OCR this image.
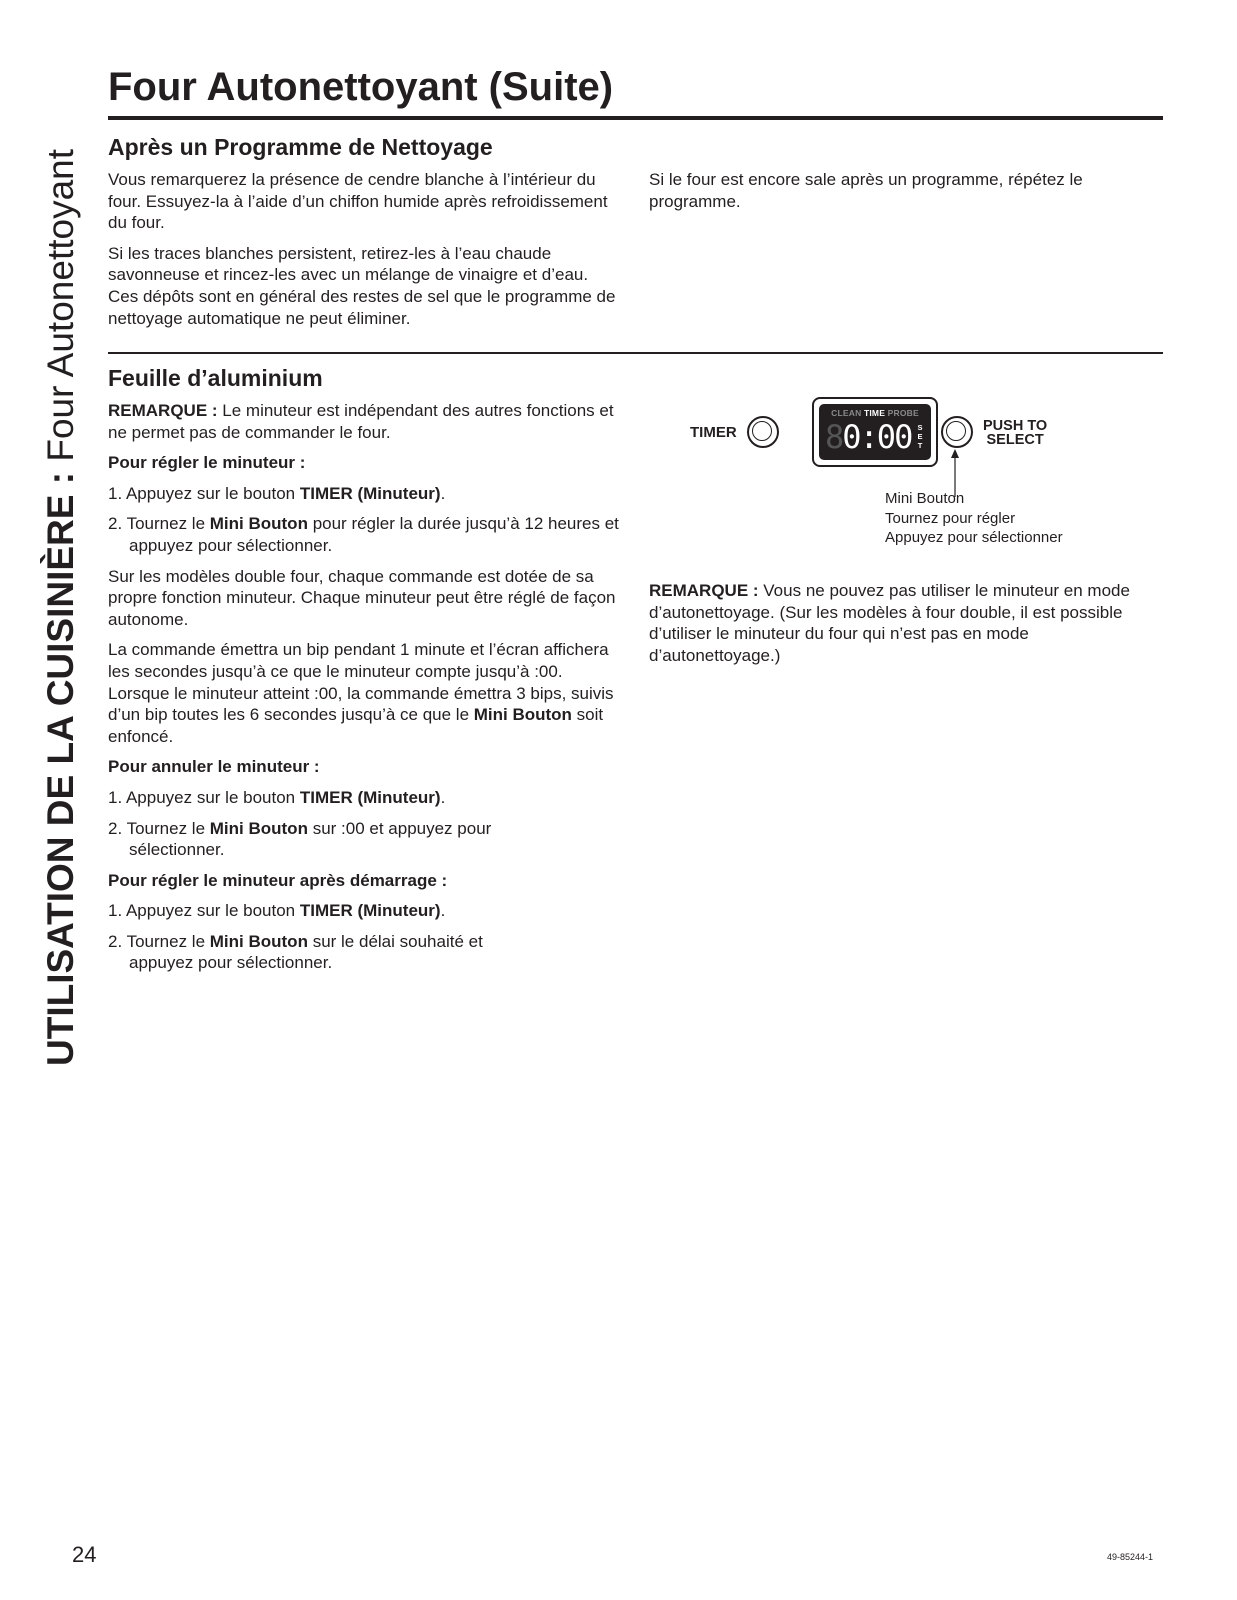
UTILISATION DE LA CUISINIÈRE : Four Autonettoyant
Four Autonettoyant (Suite)
Après un Programme de Nettoyage

Vous remarquerez la présence de cendre blanche à l’intérieur du four. Essuyez-la à l’aide d’un chiffon humide après refroidissement du four.

Si les traces blanches persistent, retirez-les à l’eau chaude savonneuse et rincez-les avec un mélange de vinaigre et d’eau. Ces dépôts sont en général des restes de sel que le programme de nettoyage automatique ne peut éliminer.

Si le four est encore sale après un programme, répétez le programme.

Feuille d’aluminium

REMARQUE : Le minuteur est indépendant des autres fonctions et ne permet pas de commander le four.

Pour régler le minuteur :

1. Appuyez sur le bouton TIMER (Minuteur).

2. Tournez le Mini Bouton pour régler la durée jusqu’à 12 heures et appuyez pour sélectionner.

Sur les modèles double four, chaque commande est dotée de sa propre fonction minuteur. Chaque minuteur peut être réglé de façon autonome.

La commande émettra un bip pendant 1 minute et l’écran affichera les secondes jusqu’à ce que le minuteur compte jusqu’à :00. Lorsque le minuteur atteint :00, la commande émettra 3 bips, suivis d’un bip toutes les 6 secondes jusqu’à ce que le Mini Bouton soit enfoncé.

Pour annuler le minuteur :

1. Appuyez sur le bouton TIMER (Minuteur).

2. Tournez le Mini Bouton sur :00 et appuyez pour sélectionner.

Pour régler le minuteur après démarrage :

1. Appuyez sur le bouton TIMER (Minuteur).

2. Tournez le Mini Bouton sur le délai souhaité et appuyez pour sélectionner.

TIMER
CLEAN TIME PROBE
80:00 S
E
T
PUSH TO
SELECT
Mini Bouton
Tournez pour régler
Appuyez pour sélectionner

REMARQUE : Vous ne pouvez pas utiliser le minuteur en mode d’autonettoyage. (Sur les modèles à four double, il est possible d’utiliser le minuteur du four qui n’est pas en mode d’autonettoyage.)

24	49-85244-1
